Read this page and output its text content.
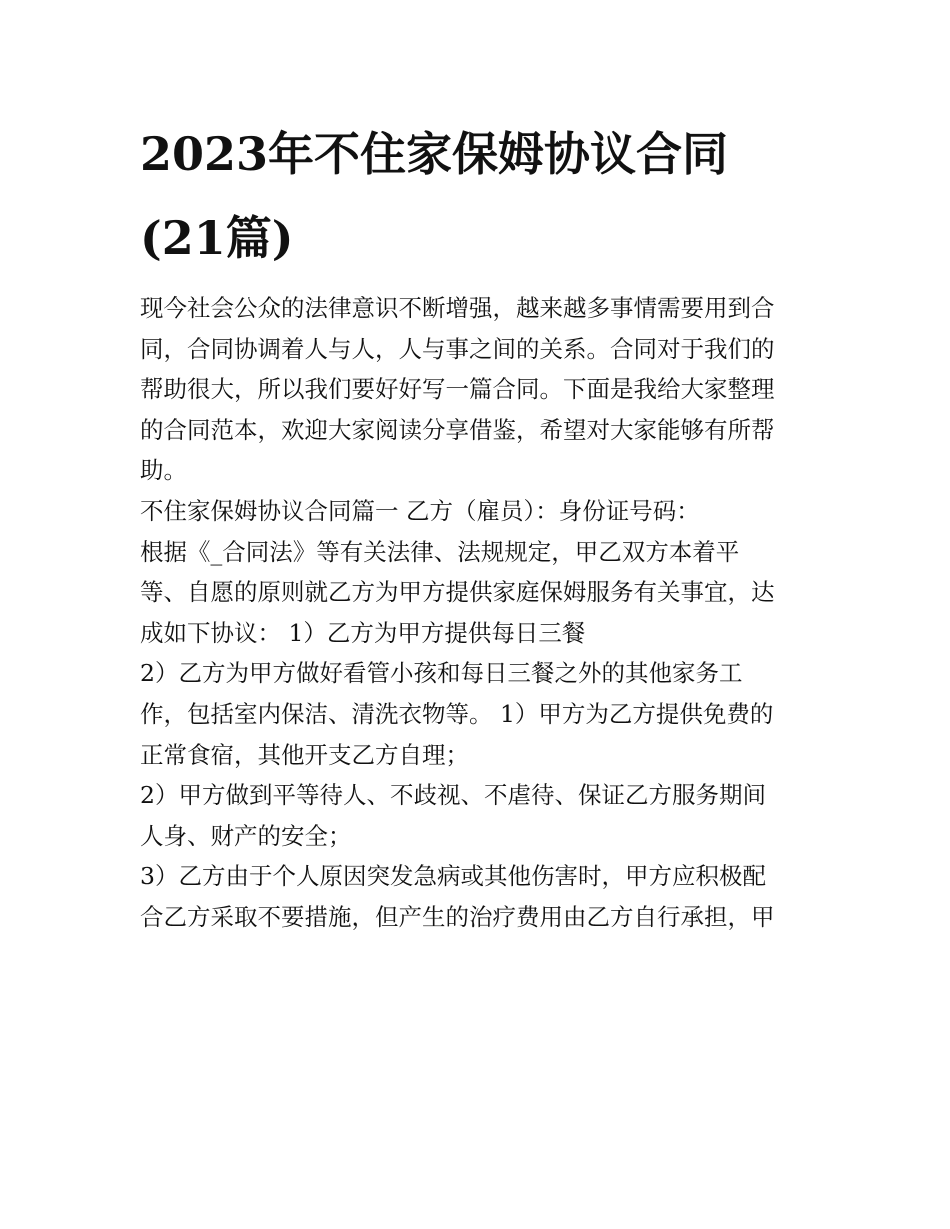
2023年不住家保姆协议合同
(21篇)
现今社会公众的法律意识不断增强，越来越多事情需要用到合
同，合同协调着人与人，人与事之间的关系。合同对于我们的
帮助很大，所以我们要好好写一篇合同。下面是我给大家整理
的合同范本，欢迎大家阅读分享借鉴，希望对大家能够有所帮
助。
不住家保姆协议合同篇一 乙方（雇员）：身份证号码：
根据《_合同法》等有关法律、法规规定，甲乙双方本着平
等、自愿的原则就乙方为甲方提供家庭保姆服务有关事宜，达
成如下协议： 1）乙方为甲方提供每日三餐
2）乙方为甲方做好看管小孩和每日三餐之外的其他家务工
作，包括室内保洁、清洗衣物等。 1）甲方为乙方提供免费的
正常食宿，其他开支乙方自理；
2）甲方做到平等待人、不歧视、不虐待、保证乙方服务期间
人身、财产的安全；
3）乙方由于个人原因突发急病或其他伤害时，甲方应积极配
合乙方采取不要措施，但产生的治疗费用由乙方自行承担，甲
